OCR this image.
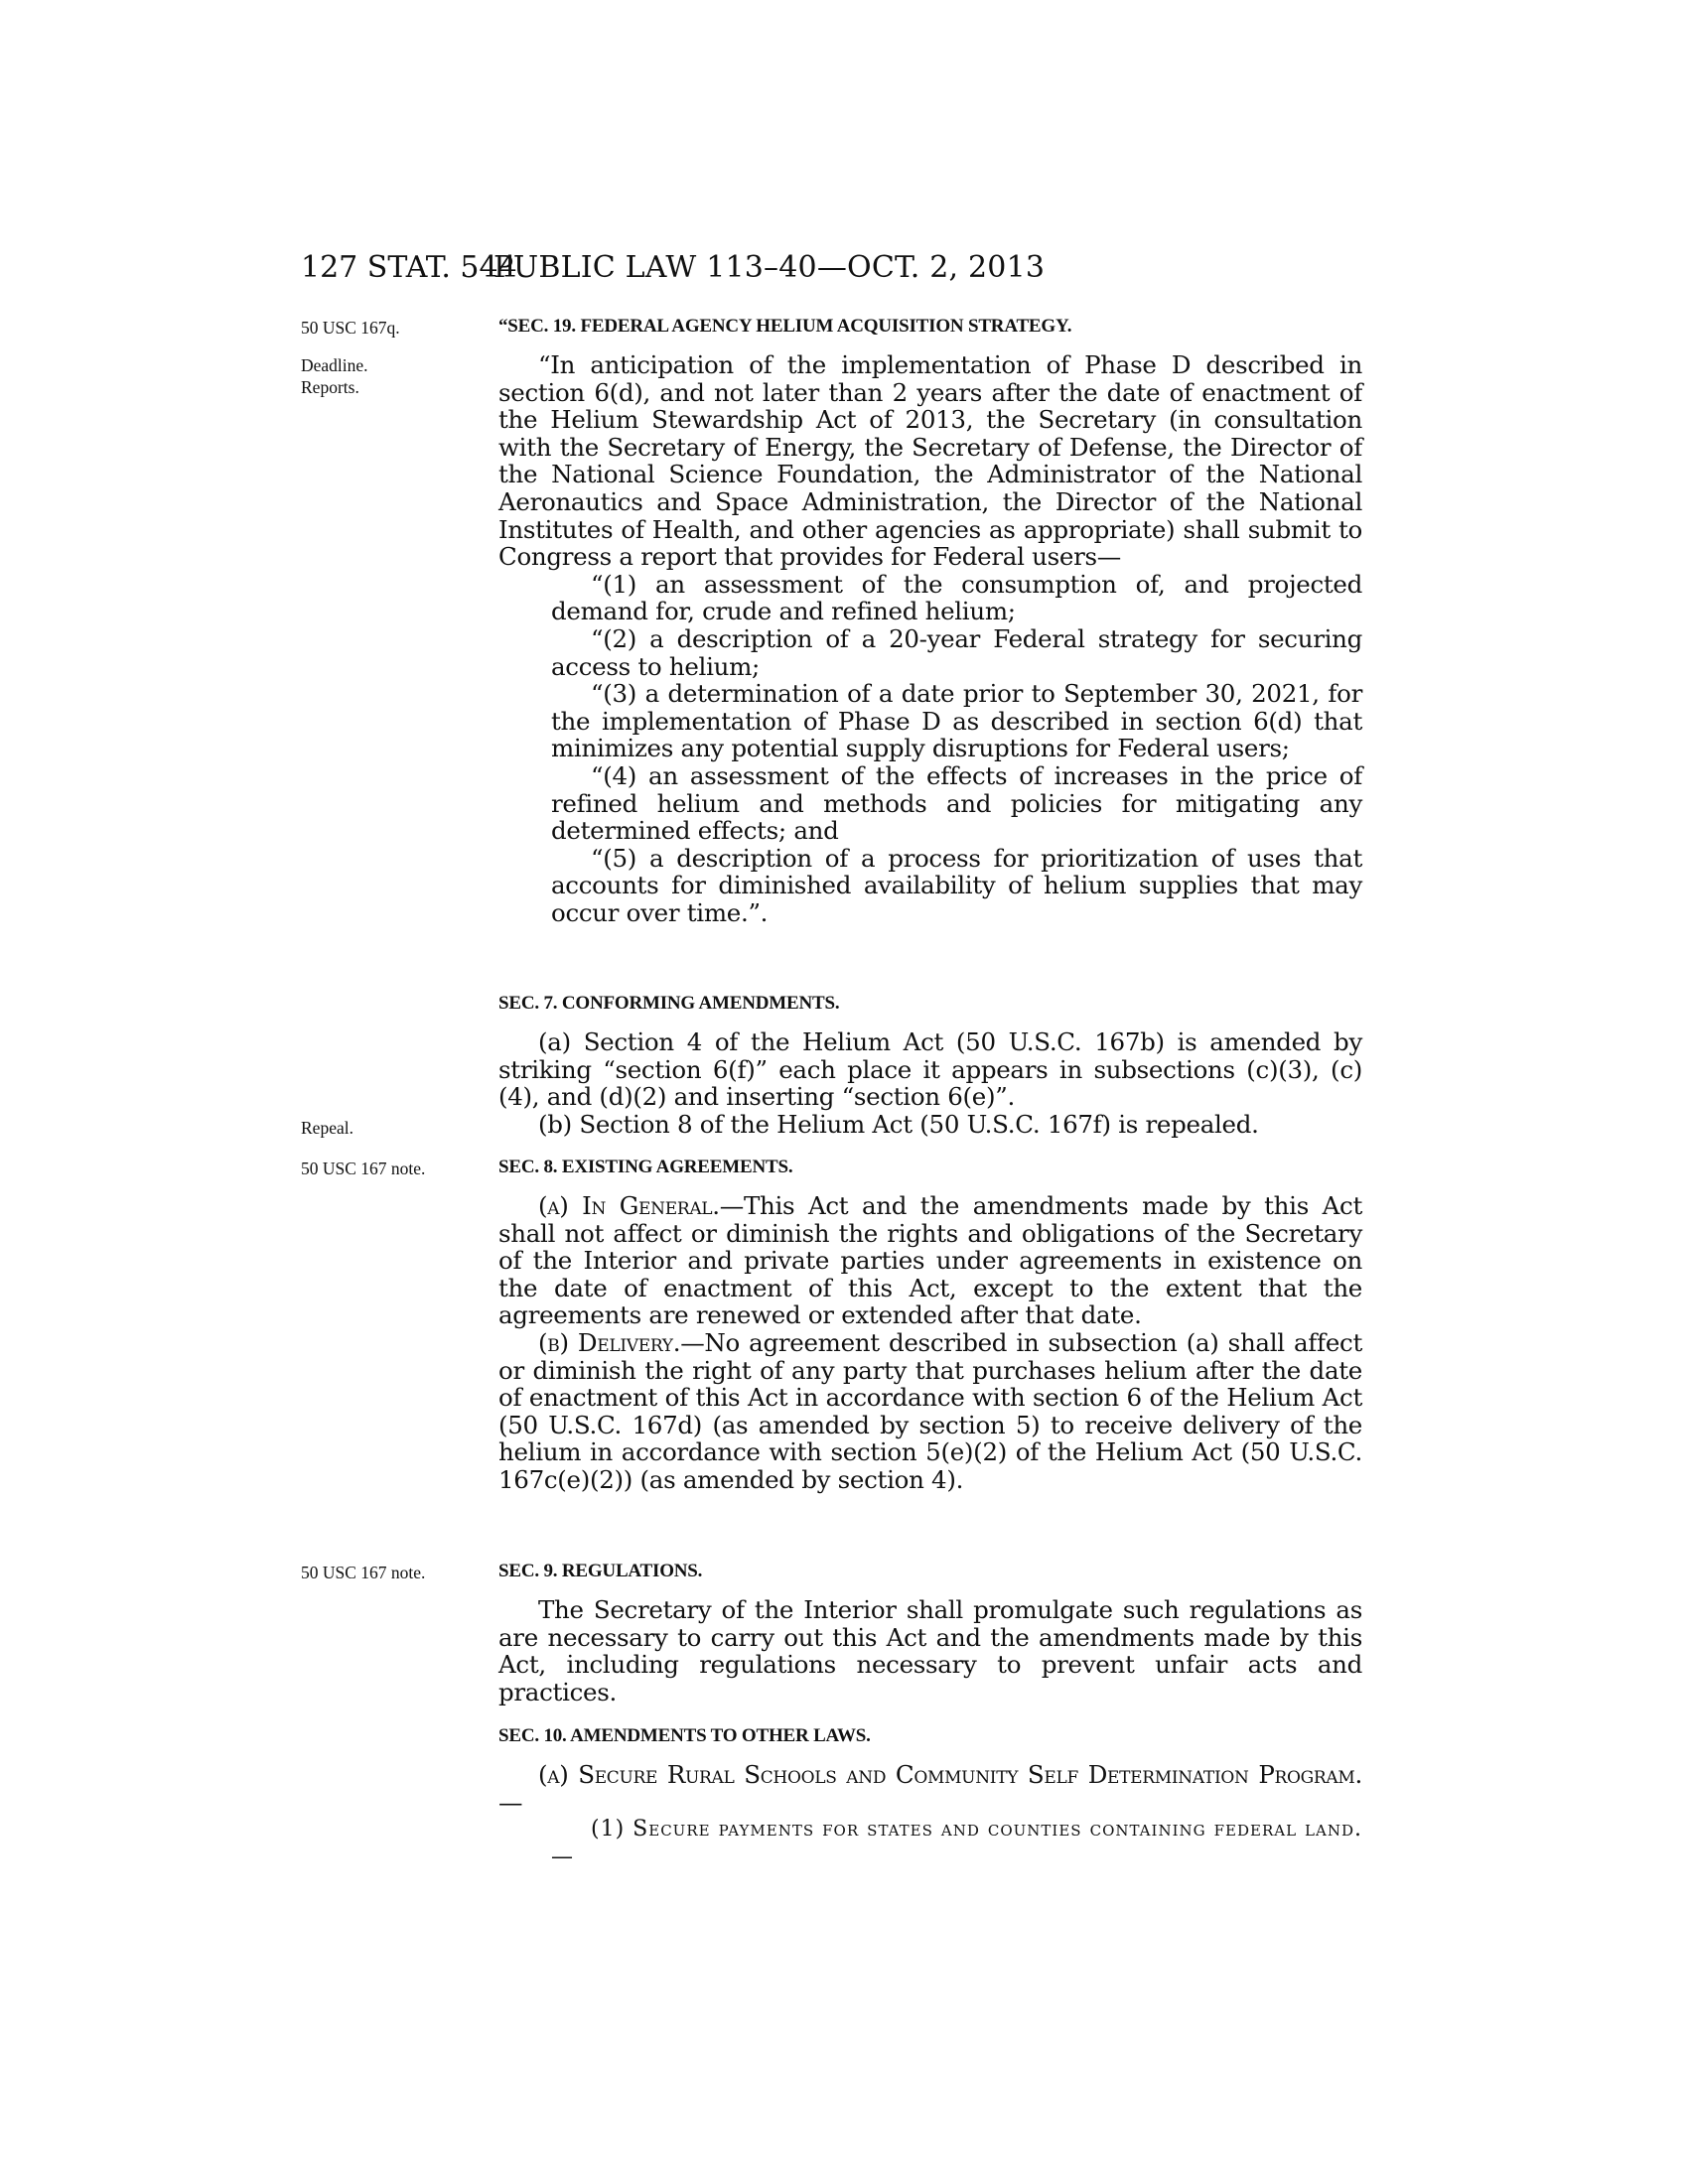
127 STAT. 544
PUBLIC LAW 113–40—OCT. 2, 2013
50 USC 167q.
Deadline.
Reports.
Repeal.
50 USC 167 note.
50 USC 167 note.
“SEC. 19. FEDERAL AGENCY HELIUM ACQUISITION STRATEGY.

“In anticipation of the implementation of Phase D described in section 6(d), and not later than 2 years after the date of enactment of the Helium Stewardship Act of 2013, the Secretary (in consultation with the Secretary of Energy, the Secretary of Defense, the Director of the National Science Foundation, the Administrator of the National Aeronautics and Space Administration, the Director of the National Institutes of Health, and other agencies as appropriate) shall submit to Congress a report that provides for Federal users—

“(1) an assessment of the consumption of, and projected demand for, crude and refined helium;

“(2) a description of a 20-year Federal strategy for securing access to helium;

“(3) a determination of a date prior to September 30, 2021, for the implementation of Phase D as described in section 6(d) that minimizes any potential supply disruptions for Federal users;

“(4) an assessment of the effects of increases in the price of refined helium and methods and policies for mitigating any determined effects; and

“(5) a description of a process for prioritization of uses that accounts for diminished availability of helium supplies that may occur over time.”.

SEC. 7. CONFORMING AMENDMENTS.

(a) Section 4 of the Helium Act (50 U.S.C. 167b) is amended by striking “section 6(f)” each place it appears in subsections (c)(3), (c)(4), and (d)(2) and inserting “section 6(e)”.

(b) Section 8 of the Helium Act (50 U.S.C. 167f) is repealed.

SEC. 8. EXISTING AGREEMENTS.

(a) In General.—This Act and the amendments made by this Act shall not affect or diminish the rights and obligations of the Secretary of the Interior and private parties under agreements in existence on the date of enactment of this Act, except to the extent that the agreements are renewed or extended after that date.

(b) Delivery.—No agreement described in subsection (a) shall affect or diminish the right of any party that purchases helium after the date of enactment of this Act in accordance with section 6 of the Helium Act (50 U.S.C. 167d) (as amended by section 5) to receive delivery of the helium in accordance with section 5(e)(2) of the Helium Act (50 U.S.C. 167c(e)(2)) (as amended by section 4).

SEC. 9. REGULATIONS.

The Secretary of the Interior shall promulgate such regulations as are necessary to carry out this Act and the amendments made by this Act, including regulations necessary to prevent unfair acts and practices.

SEC. 10. AMENDMENTS TO OTHER LAWS.

(a) Secure Rural Schools and Community Self Determination Program.—

(1) Secure payments for states and counties containing federal land.—
